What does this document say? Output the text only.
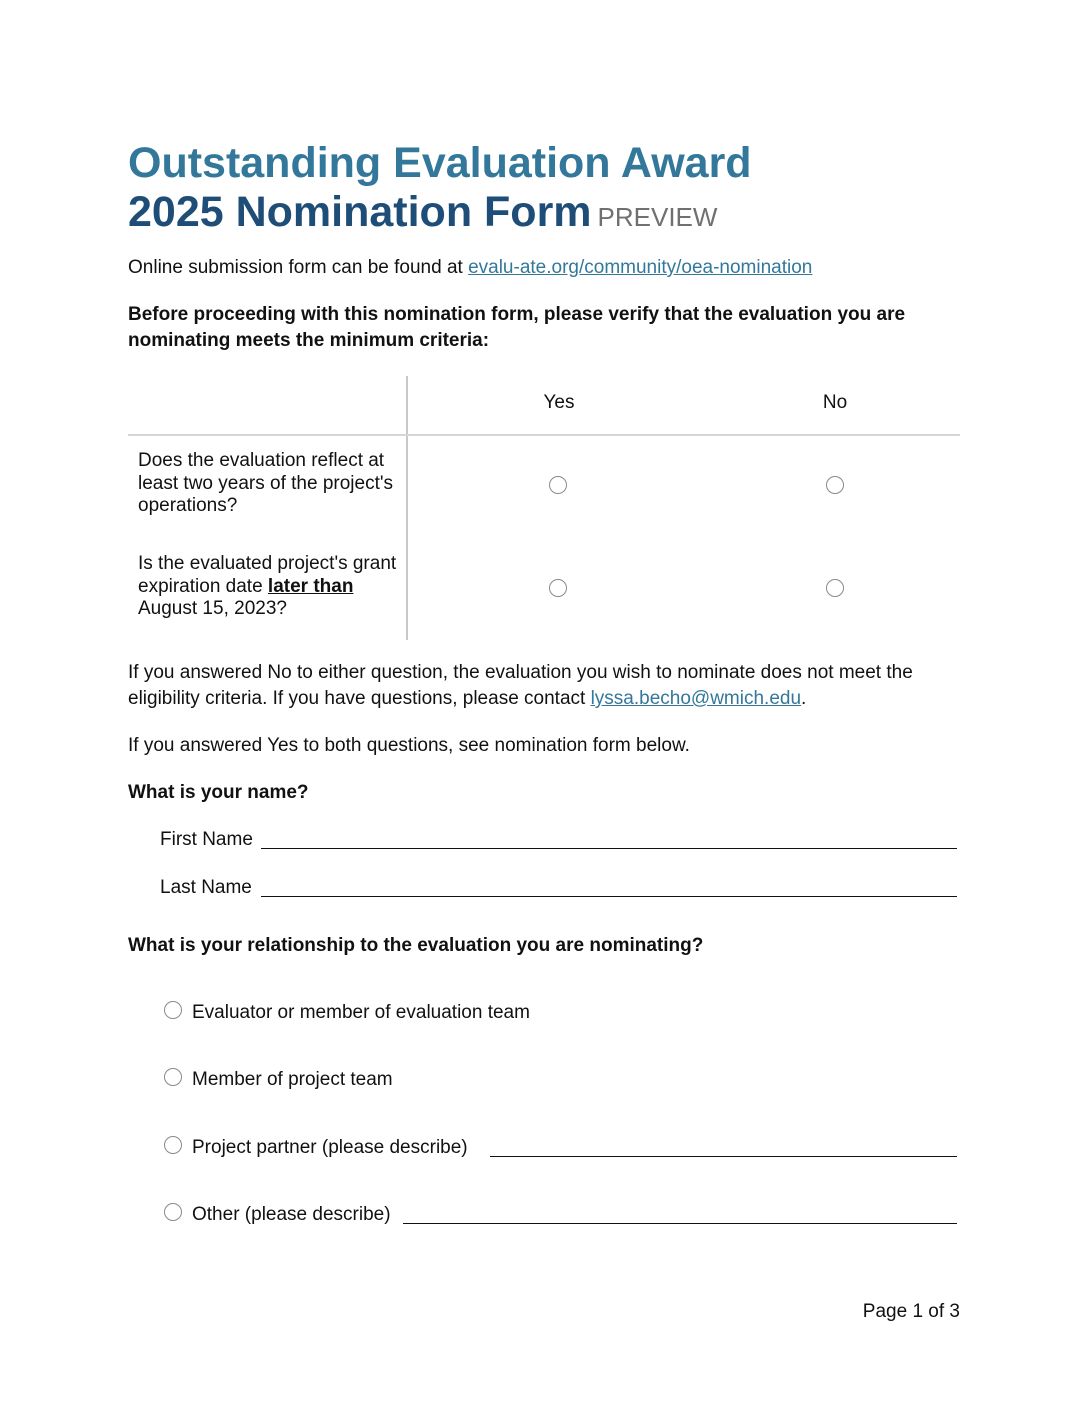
Outstanding Evaluation Award
2025 Nomination Form PREVIEW
Online submission form can be found at evalu-ate.org/community/oea-nomination
Before proceeding with this nomination form, please verify that the evaluation you are nominating meets the minimum criteria:
Yes	No
Does the evaluation reflect at least two years of the project's operations?
Is the evaluated project's grant expiration date later than August 15, 2023?
If you answered No to either question, the evaluation you wish to nominate does not meet the eligibility criteria. If you have questions, please contact lyssa.becho@wmich.edu.
If you answered Yes to both questions, see nomination form below.
What is your name?
First Name
Last Name
What is your relationship to the evaluation you are nominating?
Evaluator or member of evaluation team
Member of project team
Project partner (please describe)
Other (please describe)
Page 1 of 3
